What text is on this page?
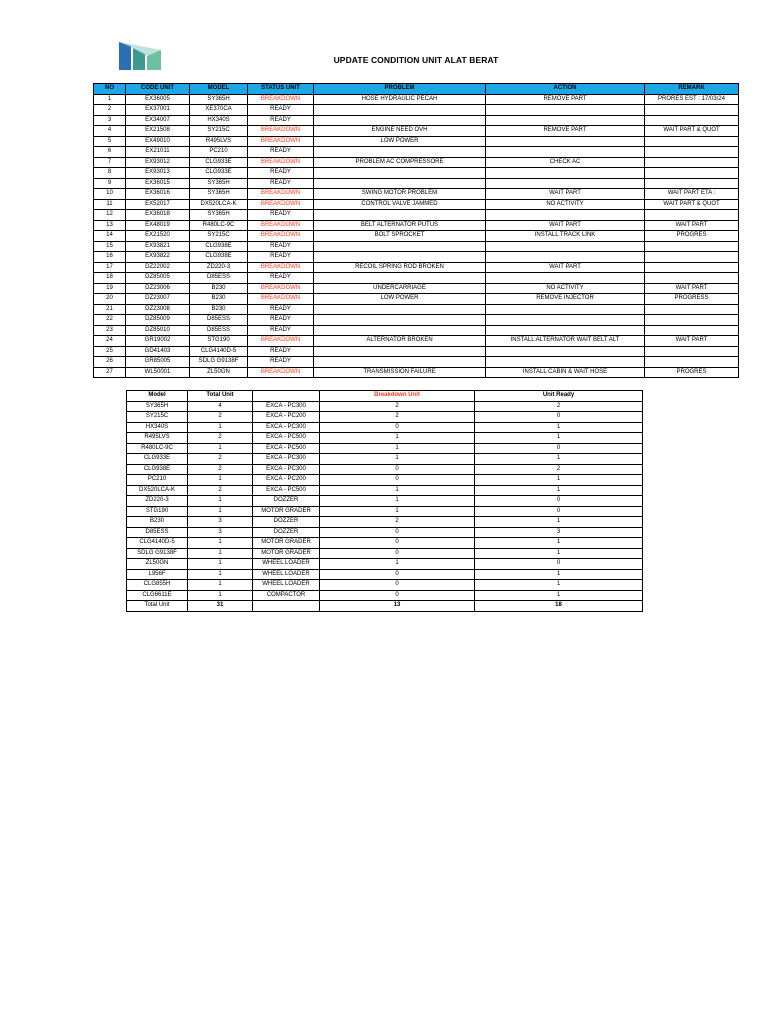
UPDATE CONDITION UNIT ALAT BERAT
NO	CODE UNIT	MODEL	STATUS UNIT	PROBLEM	ACTION	REMARK
1	EX36005	SY365H	BREAKDOWN	HOSE HYDRAULIC PECAH	REMOVE PART	PRORES EST : 17/03/24
2	EX37001	XE370CA	READY			
3	EX34007	HX340S	READY			
4	EX21508	SY215C	BREAKDOWN	ENGINE NEED OVH	REMOVE PART	WAIT PART & QUOT
5	EX49010	R495LVS	BREAKDOWN	LOW POWER		
6	EX21011	PC210	READY			
7	EX93012	CLG933E	BREAKDOWN	PROBLEM AC COMPRESSORE	CHECK AC	
8	EX93013	CLG933E	READY			
9	EX36015	SY365H	READY			
10	EX36016	SY365H	BREAKDOWN	SWING MOTOR PROBLEM	WAIT PART	WAIT PART ETA :
11	EX52017	DX520LCA-K	BREAKDOWN	CONTROL VALVE JAMMED	NO ACTIVITY	WAIT PART & QUOT
12	EX36018	SY365H	READY			
13	EX48019	R480LC-9C	BREAKDOWN	BELT ALTERNATOR PUTUS	WAIT PART	WAIT PART
14	EX21520	SY215C	BREAKDOWN	BOLT SPROCKET	INSTALL TRACK LINK	PROGRES
15	EX93821	CLG938E	READY			
16	EX93822	CLG938E	READY			
17	DZ22002	ZD220-3	BREAKDOWN	RECOIL SPRING ROD BROKEN	WAIT PART	
18	DZ85005	D85ESS	READY			
19	DZ23006	B230	BREAKDOWN	UNDERCARRIAGE	NO ACTIVITY	WAIT PART
20	DZ23007	B230	BREAKDOWN	LOW POWER	REMOVE INJECTOR	PROGRESS
21	DZ23008	B230	READY			
22	DZ85009	D85ESS	READY			
23	DZ85010	D85ESS	READY			
24	GR19002	STG190	BREAKDOWN	ALTERNATOR BROKEN	INSTALL ALTERNATOR WAIT BELT ALT	WAIT PART
25	GD41403	CLG4140D-5	READY			
26	GR85005	SDLG G9138F	READY			
27	WL50001	ZL50GN	BREAKDOWN	TRANSMISSION FAILURE	INSTALL CABIN & WAIT HOSE	PROGRES
Model	Total Unit		Breakdown Unit	Unit Ready
SY365H	4	EXCA - PC300	2	2
SY215C	2	EXCA - PC200	2	0
HX340S	1	EXCA - PC300	0	1
R495LVS	2	EXCA - PC500	1	1
R480LC-9C	1	EXCA - PC500	1	0
CLG933E	2	EXCA - PC300	1	1
CLG938E	2	EXCA - PC300	0	2
PC210	1	EXCA - PC200	0	1
DX520LCA-K	2	EXCA - PC500	1	1
ZD220-3	1	DOZZER	1	0
STG190	1	MOTOR GRADER	1	0
B230	3	DOZZER	2	1
D85ESS	3	DOZZER	0	3
CLG4140D-5	1	MOTOR GRADER	0	1
SDLG G9138F	1	MOTOR GRADER	0	1
ZL50GN	1	WHEEL LOADER	1	0
L956F	1	WHEEL LOADER	0	1
CLG855H	1	WHEEL LOADER	0	1
CLG6611E	1	COMPACTOR	0	1
Total Unit	31		13	18
